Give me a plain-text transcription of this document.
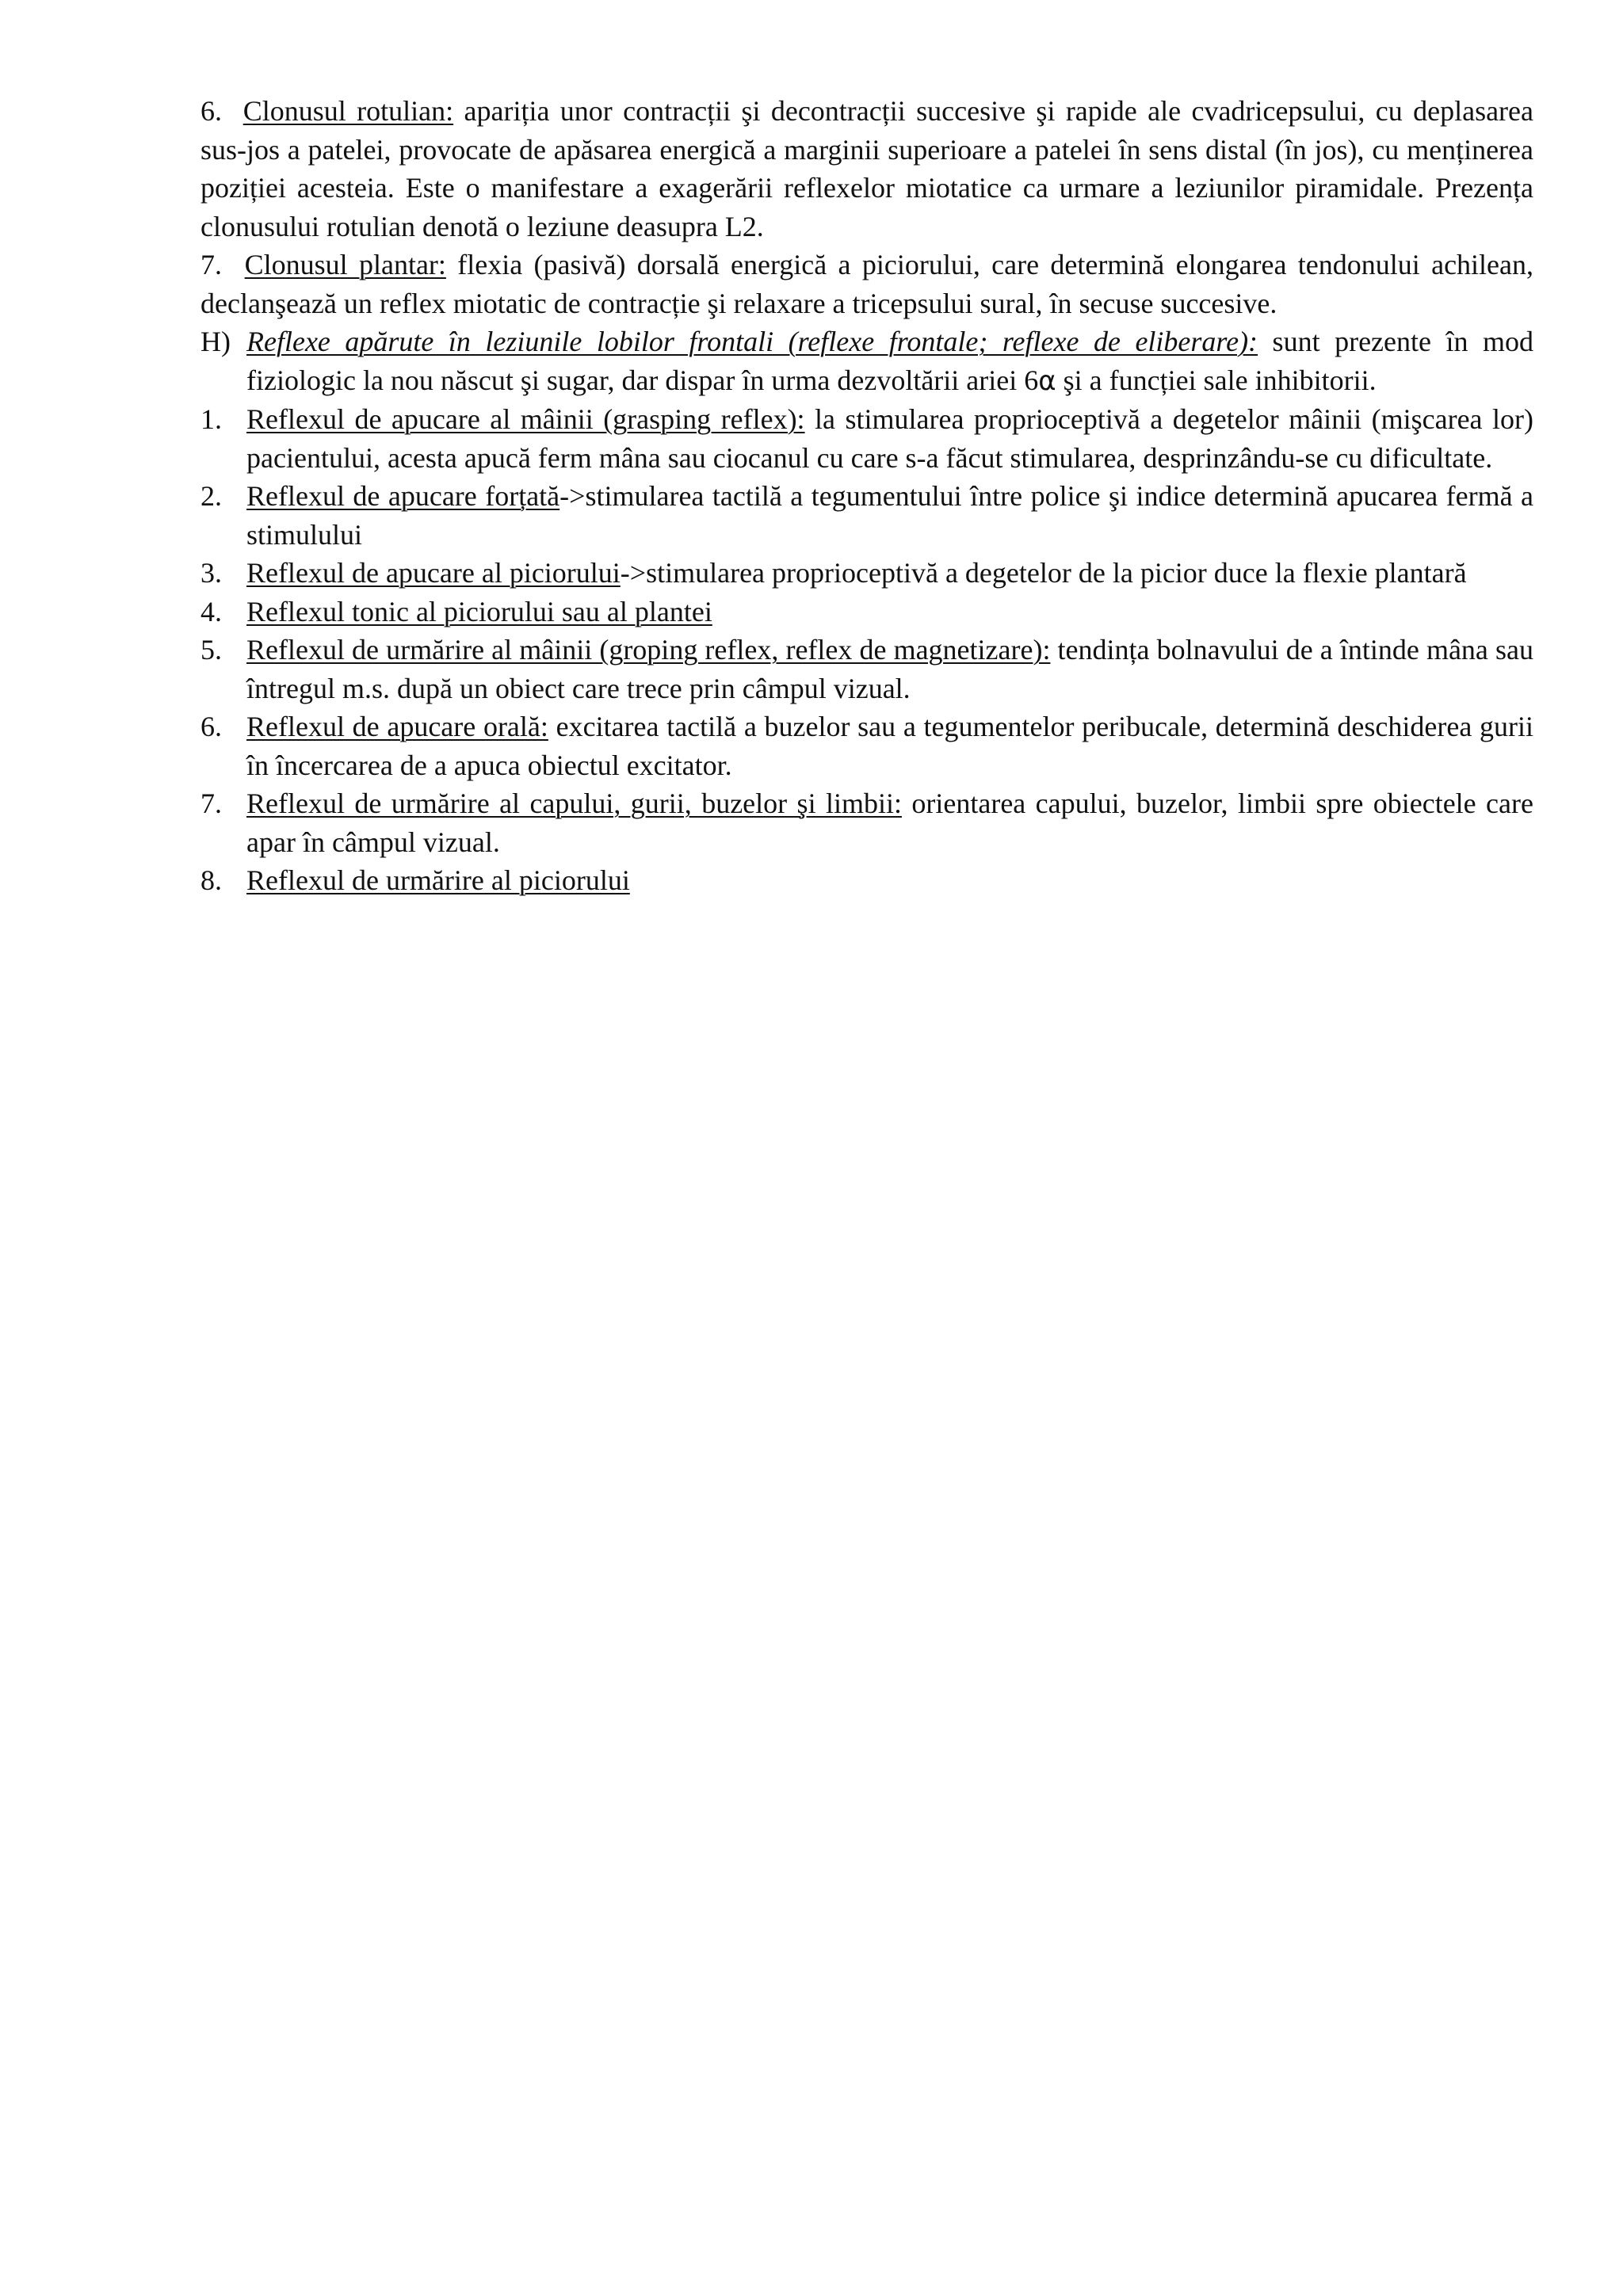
6. Clonusul rotulian: apariția unor contracții şi decontracții succesive şi rapide ale cvadricepsului, cu deplasarea sus-jos a patelei, provocate de apăsarea energică a marginii superioare a patelei în sens distal (în jos), cu menținerea poziției acesteia. Este o manifestare a exagerării reflexelor miotatice ca urmare a leziunilor piramidale. Prezența clonusului rotulian denotă o leziune deasupra L2.

7. Clonusul plantar: flexia (pasivă) dorsală energică a piciorului, care determină elongarea tendonului achilean, declanşează un reflex miotatic de contracție şi relaxare a tricepsului sural, în secuse succesive.

H) Reflexe apărute în leziunile lobilor frontali (reflexe frontale; reflexe de eliberare): sunt prezente în mod fiziologic la nou născut şi sugar, dar dispar în urma dezvoltării ariei 6α şi a funcției sale inhibitorii.
1. Reflexul de apucare al mâinii (grasping reflex): la stimularea proprioceptivă a degetelor mâinii (mişcarea lor) pacientului, acesta apucă ferm mâna sau ciocanul cu care s-a făcut stimularea, desprinzându-se cu dificultate.
2. Reflexul de apucare forțată->stimularea tactilă a tegumentului între police şi indice determină apucarea fermă a stimulului
3. Reflexul de apucare al piciorului->stimularea proprioceptivă a degetelor de la picior duce la flexie plantară
4. Reflexul tonic al piciorului sau al plantei
5. Reflexul de urmărire al mâinii (groping reflex, reflex de magnetizare): tendința bolnavului de a întinde mâna sau întregul m.s. după un obiect care trece prin câmpul vizual.
6. Reflexul de apucare orală: excitarea tactilă a buzelor sau a tegumentelor peribucale, determină deschiderea gurii în încercarea de a apuca obiectul excitator.
7. Reflexul de urmărire al capului, gurii, buzelor şi limbii: orientarea capului, buzelor, limbii spre obiectele care apar în câmpul vizual.
8. Reflexul de urmărire al piciorului
